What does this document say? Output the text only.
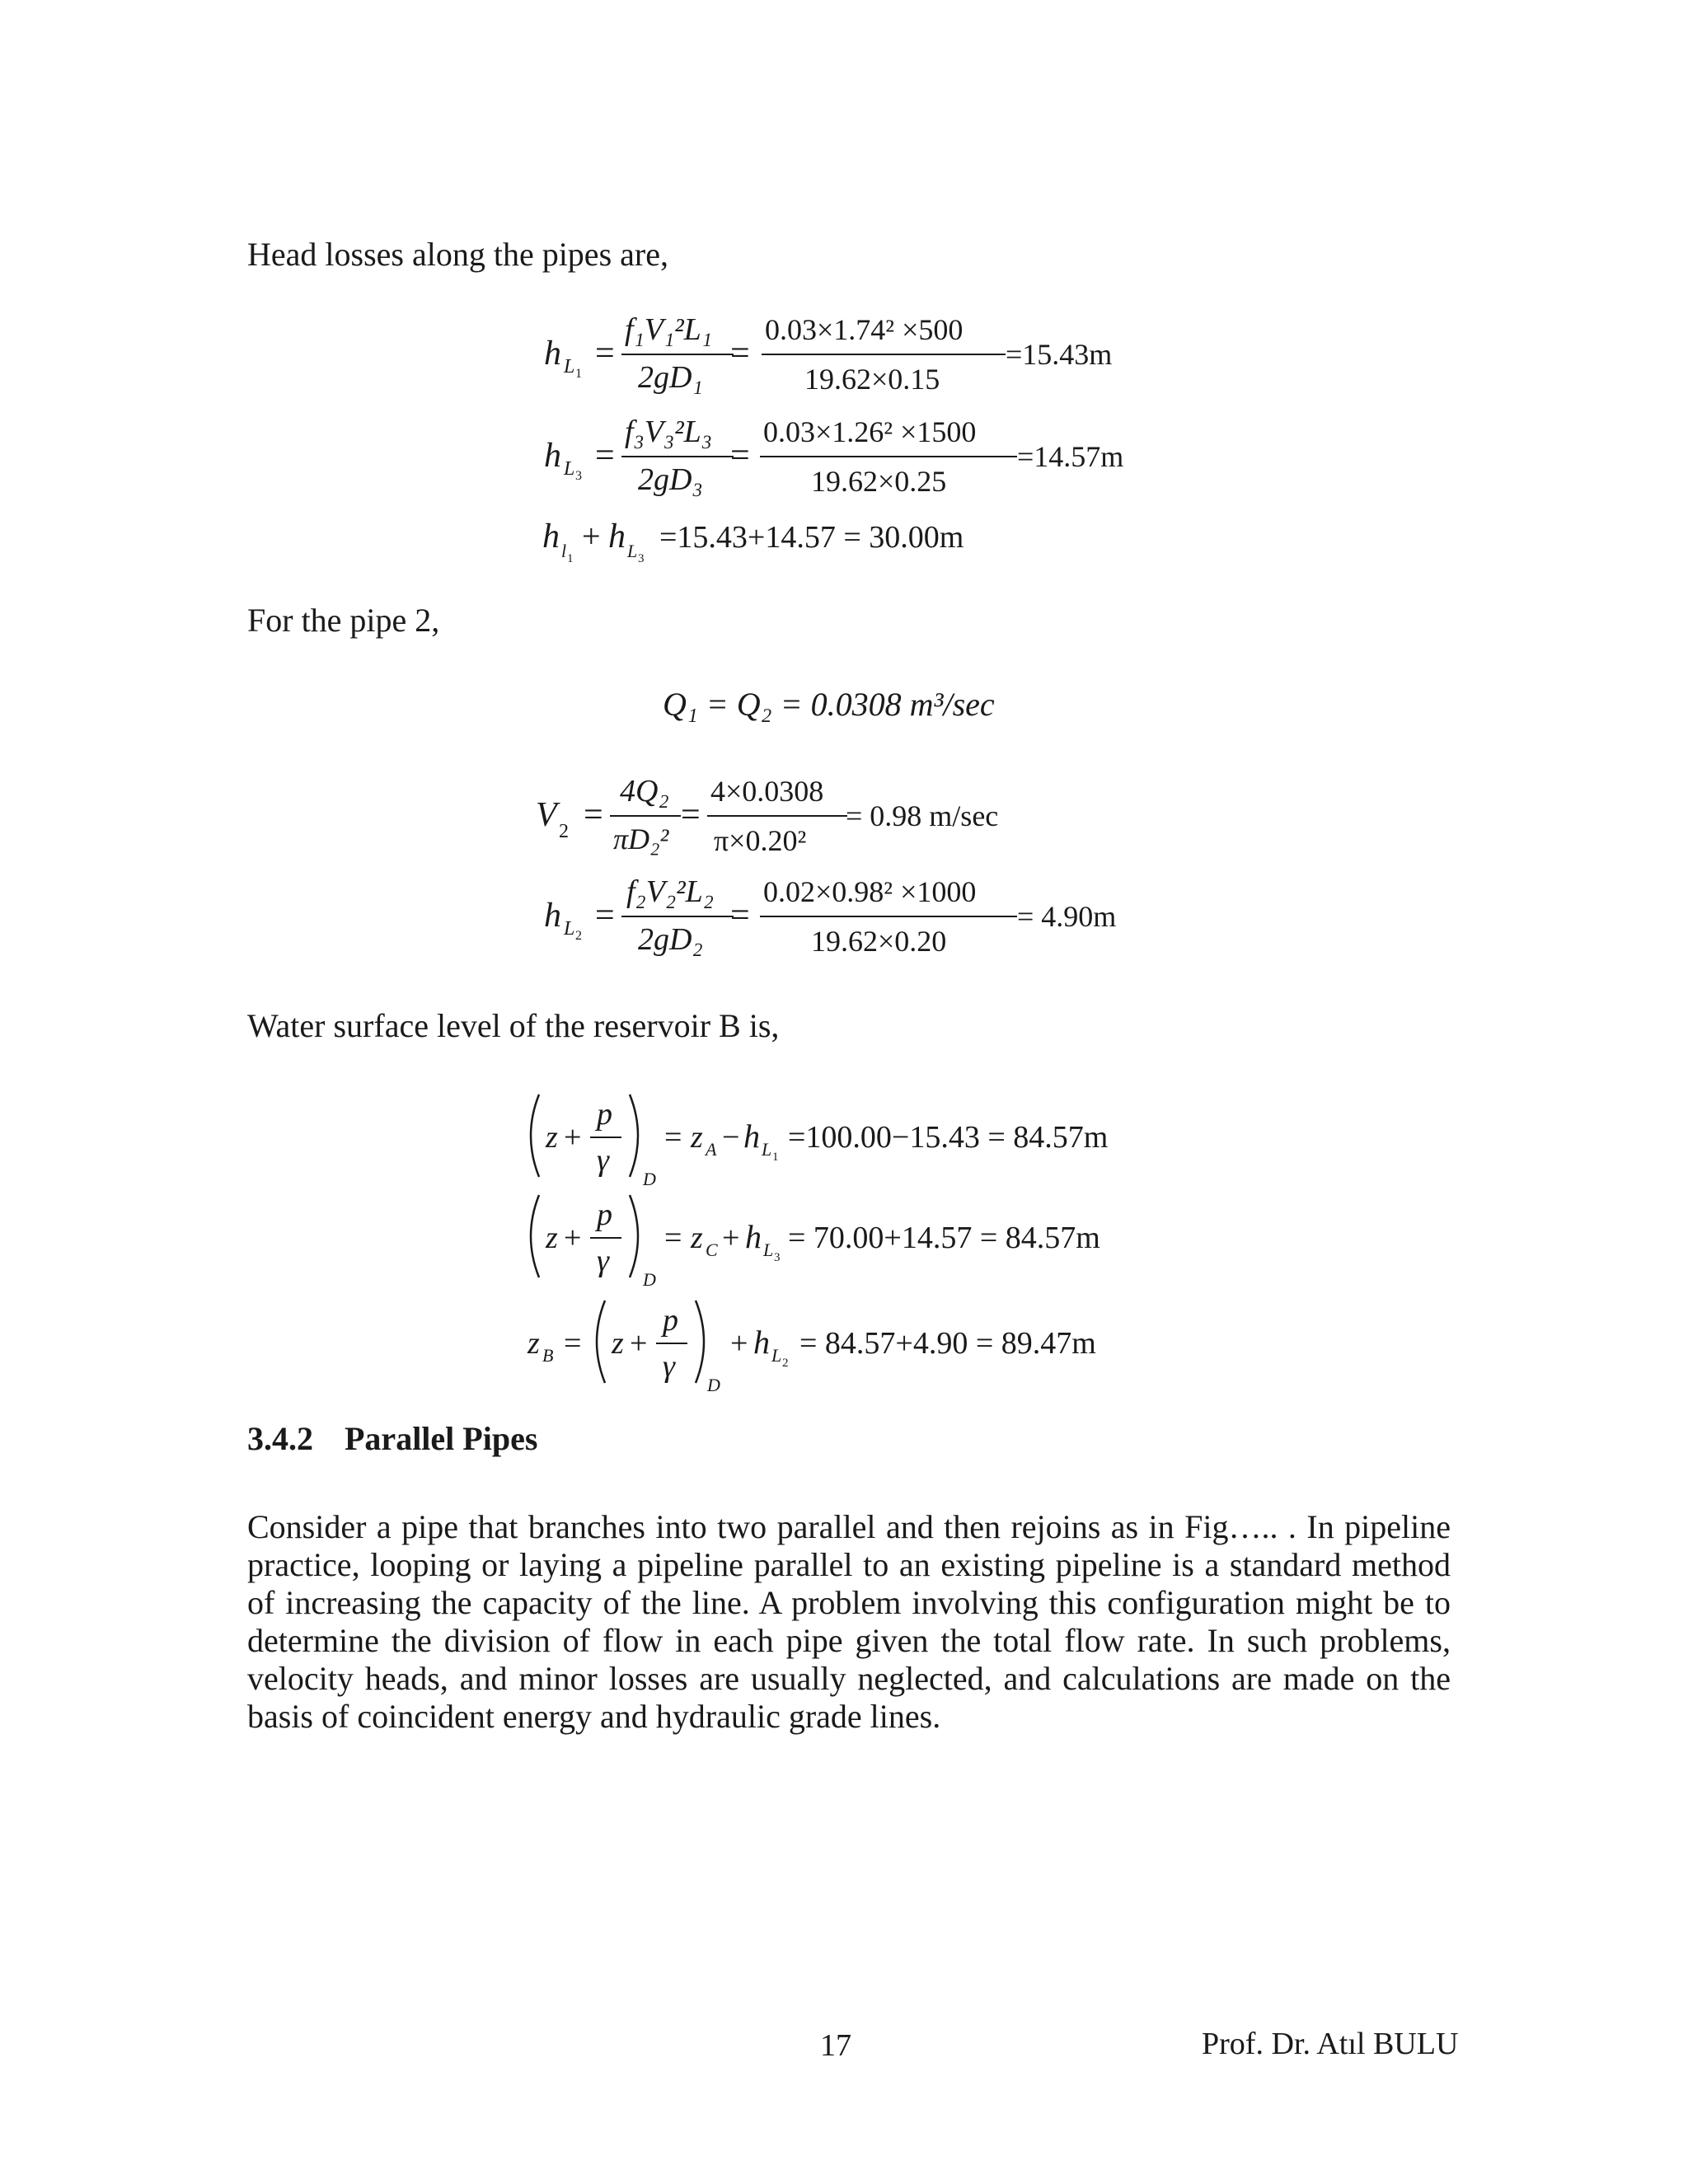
Head losses along the pipes are,
h L 1
=
f₁V₁²L₁
2gD₁
=
0.03×1.74² ×500
19.62×0.15
=15.43m
h L 3
=
f₃V₃²L₃
2gD₃
=
0.03×1.26² ×1500
19.62×0.25
=14.57m
h l 1
+ h L 3
=15.43+14.57 = 30.00m
For the pipe 2,
Q₁ = Q₂ = 0.0308 m³/sec
V 2 =
4Q₂
πD₂²
=
4×0.0308
π×0.20²
= 0.98 m/sec
h L 2
=
f₂V₂²L₂
2gD₂
=
0.02×0.98² ×1000
19.62×0.20
= 4.90m
Water surface level of the reservoir B is,
z +
p
γ
D
= z A − h L 1
=100.00−15.43 = 84.57m
z +
p
γ
D
= z C + h L 3
= 70.00+14.57 = 84.57m
z B = z +
p
γ
D
+ h L 2
= 84.57+4.90 = 89.47m
3.4.2 Parallel Pipes
Consider a pipe that branches into two parallel and then rejoins as in Fig….. . In pipeline practice, looping or laying a pipeline parallel to an existing pipeline is a standard method of increasing the capacity of the line. A problem involving this configuration might be to determine the division of flow in each pipe given the total flow rate. In such problems, velocity heads, and minor losses are usually neglected, and calculations are made on the basis of coincident energy and hydraulic grade lines.
17	Prof. Dr. Atıl BULU
